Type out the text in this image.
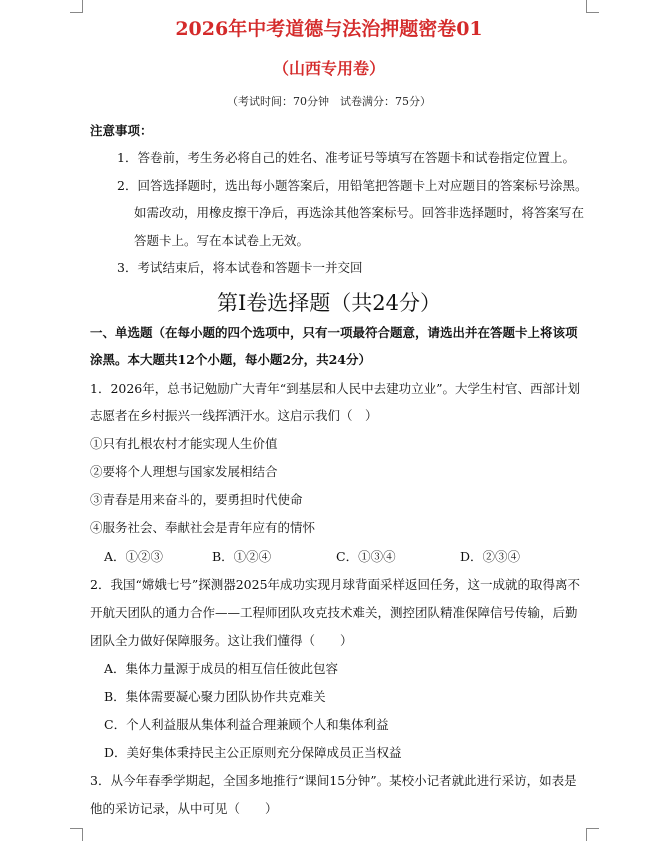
2026年中考道德与法治押题密卷01
（山西专用卷）
（考试时间：70分钟　试卷满分：75分）
注意事项：
1．答卷前，考生务必将自己的姓名、准考证号等填写在答题卡和试卷指定位置上。
2．回答选择题时，选出每小题答案后，用铅笔把答题卡上对应题目的答案标号涂黑。
如需改动，用橡皮擦干净后，再选涂其他答案标号。回答非选择题时，将答案写在
答题卡上。写在本试卷上无效。
3．考试结束后，将本试卷和答题卡一并交回
第Ⅰ卷选择题（共24分）
一、单选题（在每小题的四个选项中，只有一项最符合题意，请选出并在答题卡上将该项
涂黑。本大题共12个小题，每小题2分，共24分）
1．2026年，总书记勉励广大青年“到基层和人民中去建功立业”。大学生村官、西部计划
志愿者在乡村振兴一线挥洒汗水。这启示我们（　）
①只有扎根农村才能实现人生价值
②要将个人理想与国家发展相结合
③青春是用来奋斗的，要勇担时代使命
④服务社会、奉献社会是青年应有的情怀
A．①②③	B．①②④	C．①③④	D．②③④
2．我国“嫦娥七号”探测器2025年成功实现月球背面采样返回任务，这一成就的取得离不
开航天团队的通力合作——工程师团队攻克技术难关，测控团队精准保障信号传输，后勤
团队全力做好保障服务。这让我们懂得（　　）
A．集体力量源于成员的相互信任彼此包容
B．集体需要凝心聚力团队协作共克难关
C．个人利益服从集体利益合理兼顾个人和集体利益
D．美好集体秉持民主公正原则充分保障成员正当权益
3．从今年春季学期起，全国多地推行“课间15分钟”。某校小记者就此进行采访，如表是
他的采访记录，从中可见（　　）
